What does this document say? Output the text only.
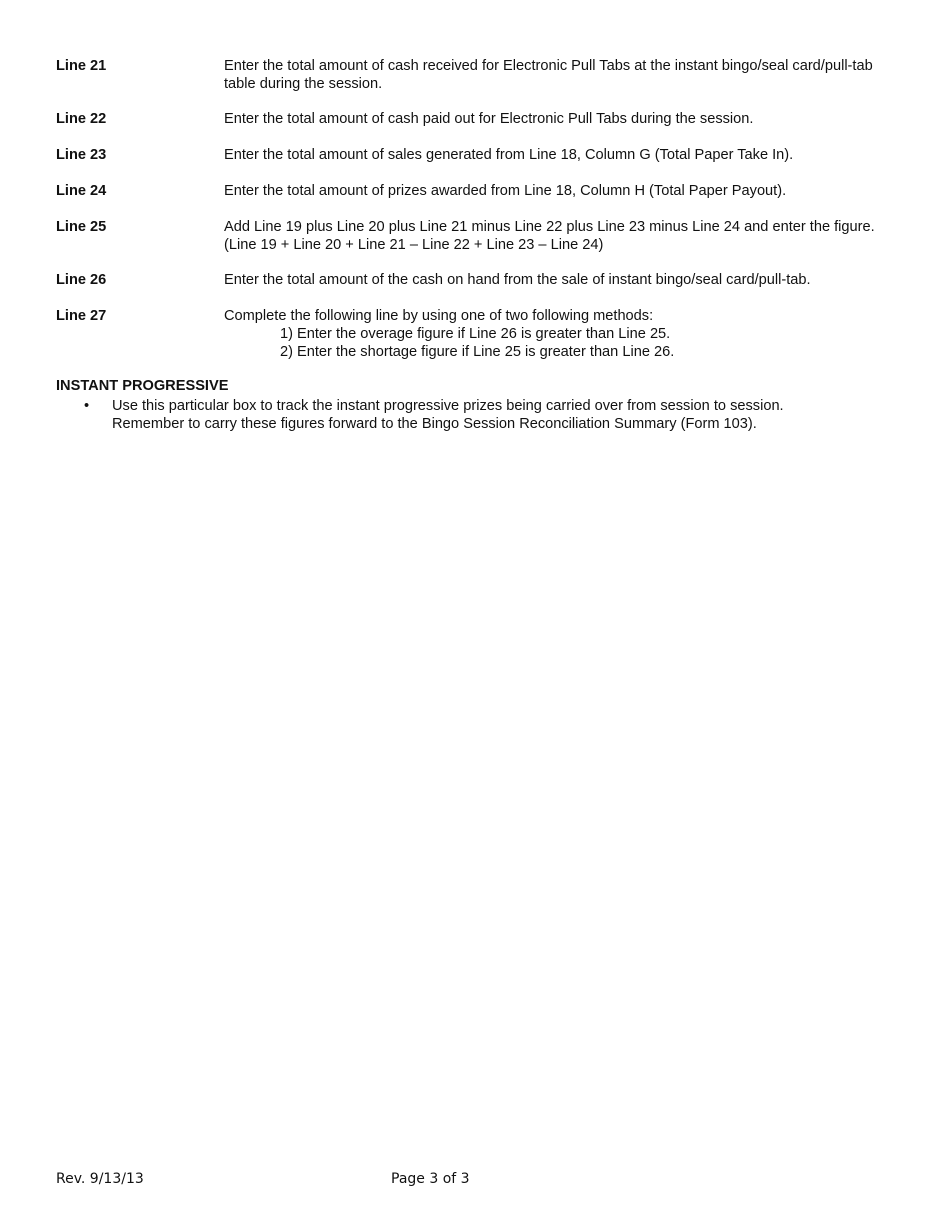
Line 21	Enter the total amount of cash received for Electronic Pull Tabs at the instant bingo/seal card/pull-tab table during the session.
Line 22	Enter the total amount of cash paid out for Electronic Pull Tabs during the session.
Line 23	Enter the total amount of sales generated from Line 18, Column G (Total Paper Take In).
Line 24	Enter the total amount of prizes awarded from Line 18, Column H (Total Paper Payout).
Line 25	Add Line 19 plus Line 20 plus Line 21 minus Line 22 plus Line 23 minus Line 24 and enter the figure. (Line 19 + Line 20 + Line 21 – Line 22 + Line 23 – Line 24)
Line 26	Enter the total amount of the cash on hand from the sale of instant bingo/seal card/pull-tab.
Line 27	Complete the following line by using one of two following methods:
1) Enter the overage figure if Line 26 is greater than Line 25.
2) Enter the shortage figure if Line 25 is greater than Line 26.
INSTANT PROGRESSIVE
• Use this particular box to track the instant progressive prizes being carried over from session to session. Remember to carry these figures forward to the Bingo Session Reconciliation Summary (Form 103).
Rev. 9/13/13	Page 3 of 3
